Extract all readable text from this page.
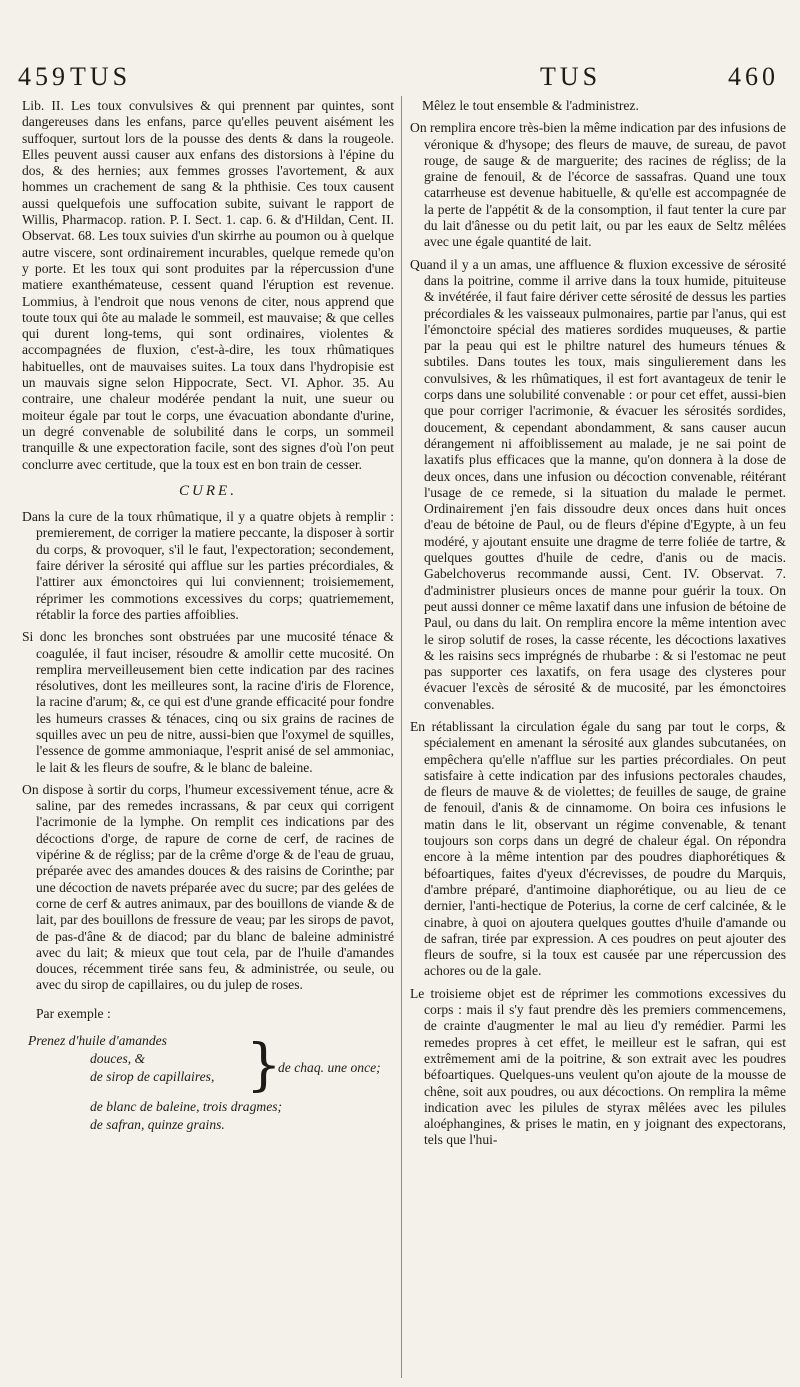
459 TUS	TUS	460

Lib. II. Les toux convulsives & qui prennent par quintes, sont dangereuses dans les enfans, parce qu'elles peuvent aisément les suffoquer, surtout lors de la pousse des dents & dans la rougeole. Elles peuvent aussi causer aux enfans des distorsions à l'épine du dos, & des hernies; aux femmes grosses l'avortement, & aux hommes un crachement de sang & la phthisie. Ces toux causent aussi quelquefois une suffocation subite, suivant le rapport de Willis, Pharmacop. ration. P. I. Sect. 1. cap. 6. & d'Hildan, Cent. II. Observat. 68. Les toux suivies d'un skirrhe au poumon ou à quelque autre viscere, sont ordinairement incurables, quelque remede qu'on y porte. Et les toux qui sont produites par la répercussion d'une matiere exanthémateuse, cessent quand l'éruption est revenue. Lommius, à l'endroit que nous venons de citer, nous apprend que toute toux qui ôte au malade le sommeil, est mauvaise; & que celles qui durent long-tems, qui sont ordinaires, violentes & accompagnées de fluxion, c'est-à-dire, les toux rhûmatiques habituelles, ont de mauvaises suites. La toux dans l'hydropisie est un mauvais signe selon Hippocrate, Sect. VI. Aphor. 35. Au contraire, une chaleur modérée pendant la nuit, une sueur ou moiteur égale par tout le corps, une évacuation abondante d'urine, un degré convenable de solubilité dans le corps, un sommeil tranquille & une expectoration facile, sont des signes d'où l'on peut conclurre avec certitude, que la toux est en bon train de cesser.

CURE.

Dans la cure de la toux rhûmatique, il y a quatre objets à remplir : premierement, de corriger la matiere peccante, la disposer à sortir du corps, & provoquer, s'il le faut, l'expectoration; secondement, faire dériver la sérosité qui afflue sur les parties précordiales, & l'attirer aux émonctoires qui lui conviennent; troisiemement, réprimer les commotions excessives du corps; quatriemement, rétablir la force des parties affoiblies.

Si donc les bronches sont obstruées par une mucosité ténace & coagulée, il faut inciser, résoudre & amollir cette mucosité. On remplira merveilleusement bien cette indication par des racines résolutives, dont les meilleures sont, la racine d'iris de Florence, la racine d'arum; &, ce qui est d'une grande efficacité pour fondre les humeurs crasses & ténaces, cinq ou six grains de racines de squilles avec un peu de nitre, aussi-bien que l'oxymel de squilles, l'essence de gomme ammoniaque, l'esprit anisé de sel ammoniac, le lait & les fleurs de soufre, & le blanc de baleine.

On dispose à sortir du corps, l'humeur excessivement ténue, acre & saline, par des remedes incrassans, & par ceux qui corrigent l'acrimonie de la lymphe. On remplit ces indications par des décoctions d'orge, de rapure de corne de cerf, de racines de vipérine & de régliss; par de la crême d'orge & de l'eau de gruau, préparée avec des amandes douces & des raisins de Corinthe; par une décoction de navets préparée avec du sucre; par des gelées de corne de cerf & autres animaux, par des bouillons de viande & de lait, par des bouillons de fressure de veau; par les sirops de pavot, de pas-d'âne & de diacod; par du blanc de baleine administré avec du lait; & mieux que tout cela, par de l'huile d'amandes douces, récemment tirée sans feu, & administrée, ou seule, ou avec du sirop de capillaires, ou du julep de roses.

Par exemple :
Prenez d'huile d'amandes
douces, &
de sirop de capillaires, }
de chaq. une once;
de blanc de baleine, trois dragmes;
de safran, quinze grains.

Mêlez le tout ensemble & l'administrez.

On remplira encore très-bien la même indication par des infusions de véronique & d'hysope; des fleurs de mauve, de sureau, de pavot rouge, de sauge & de marguerite; des racines de régliss; de la graine de fenouil, & de l'écorce de sassafras. Quand une toux catarrheuse est devenue habituelle, & qu'elle est accompagnée de la perte de l'appétit & de la consomption, il faut tenter la cure par du lait d'ânesse ou du petit lait, ou par les eaux de Seltz mêlées avec une égale quantité de lait.

Quand il y a un amas, une affluence & fluxion excessive de sérosité dans la poitrine, comme il arrive dans la toux humide, pituiteuse & invétérée, il faut faire dériver cette sérosité de dessus les parties précordiales & les vaisseaux pulmonaires, partie par l'anus, qui est l'émonctoire spécial des matieres sordides muqueuses, & partie par la peau qui est le philtre naturel des humeurs ténues & subtiles. Dans toutes les toux, mais singulierement dans les convulsives, & les rhûmatiques, il est fort avantageux de tenir le corps dans une solubilité convenable : or pour cet effet, aussi-bien que pour corriger l'acrimonie, & évacuer les sérosités sordides, doucement, & cependant abondamment, & sans causer aucun dérangement ni affoiblissement au malade, je ne sai point de laxatifs plus efficaces que la manne, qu'on donnera à la dose de deux onces, dans une infusion ou décoction convenable, réitérant l'usage de ce remede, si la situation du malade le permet. Ordinairement j'en fais dissoudre deux onces dans huit onces d'eau de bétoine de Paul, ou de fleurs d'épine d'Egypte, à un feu modéré, y ajoutant ensuite une dragme de terre foliée de tartre, & quelques gouttes d'huile de cedre, d'anis ou de macis. Gabelchoverus recommande aussi, Cent. IV. Observat. 7. d'administrer plusieurs onces de manne pour guérir la toux. On peut aussi donner ce même laxatif dans une infusion de bétoine de Paul, ou dans du lait. On remplira encore la même intention avec le sirop solutif de roses, la casse récente, les décoctions laxatives & les raisins secs imprégnés de rhubarbe : & si l'estomac ne peut pas supporter ces laxatifs, on fera usage des clysteres pour évacuer l'excès de sérosité & de mucosité, par les émonctoires convenables.

En rétablissant la circulation égale du sang par tout le corps, & spécialement en amenant la sérosité aux glandes subcutanées, on empêchera qu'elle n'afflue sur les parties précordiales. On peut satisfaire à cette indication par des infusions pectorales chaudes, de fleurs de mauve & de violettes; de feuilles de sauge, de graine de fenouil, d'anis & de cinnamome. On boira ces infusions le matin dans le lit, observant un régime convenable, & tenant toujours son corps dans un degré de chaleur égal. On répondra encore à la même intention par des poudres diaphorétiques & béfoartiques, faites d'yeux d'écrevisses, de poudre du Marquis, d'ambre préparé, d'antimoine diaphorétique, ou au lieu de ce dernier, l'anti-hectique de Poterius, la corne de cerf calcinée, & le cinabre, à quoi on ajoutera quelques gouttes d'huile d'amande ou de safran, tirée par expression. A ces poudres on peut ajouter des fleurs de soufre, si la toux est causée par une répercussion des achores ou de la gale.

Le troisieme objet est de réprimer les commotions excessives du corps : mais il s'y faut prendre dès les premiers commencemens, de crainte d'augmenter le mal au lieu d'y remédier. Parmi les remedes propres à cet effet, le meilleur est le safran, qui est extrêmement ami de la poitrine, & son extrait avec les poudres béfoartiques. Quelques-uns veulent qu'on ajoute de la mousse de chêne, soit aux poudres, ou aux décoctions. On remplira la même indication avec les pilules de styrax mêlées avec les pilules aloéphangines, & prises le matin, en y joignant des expectorans, tels que l'hui-
